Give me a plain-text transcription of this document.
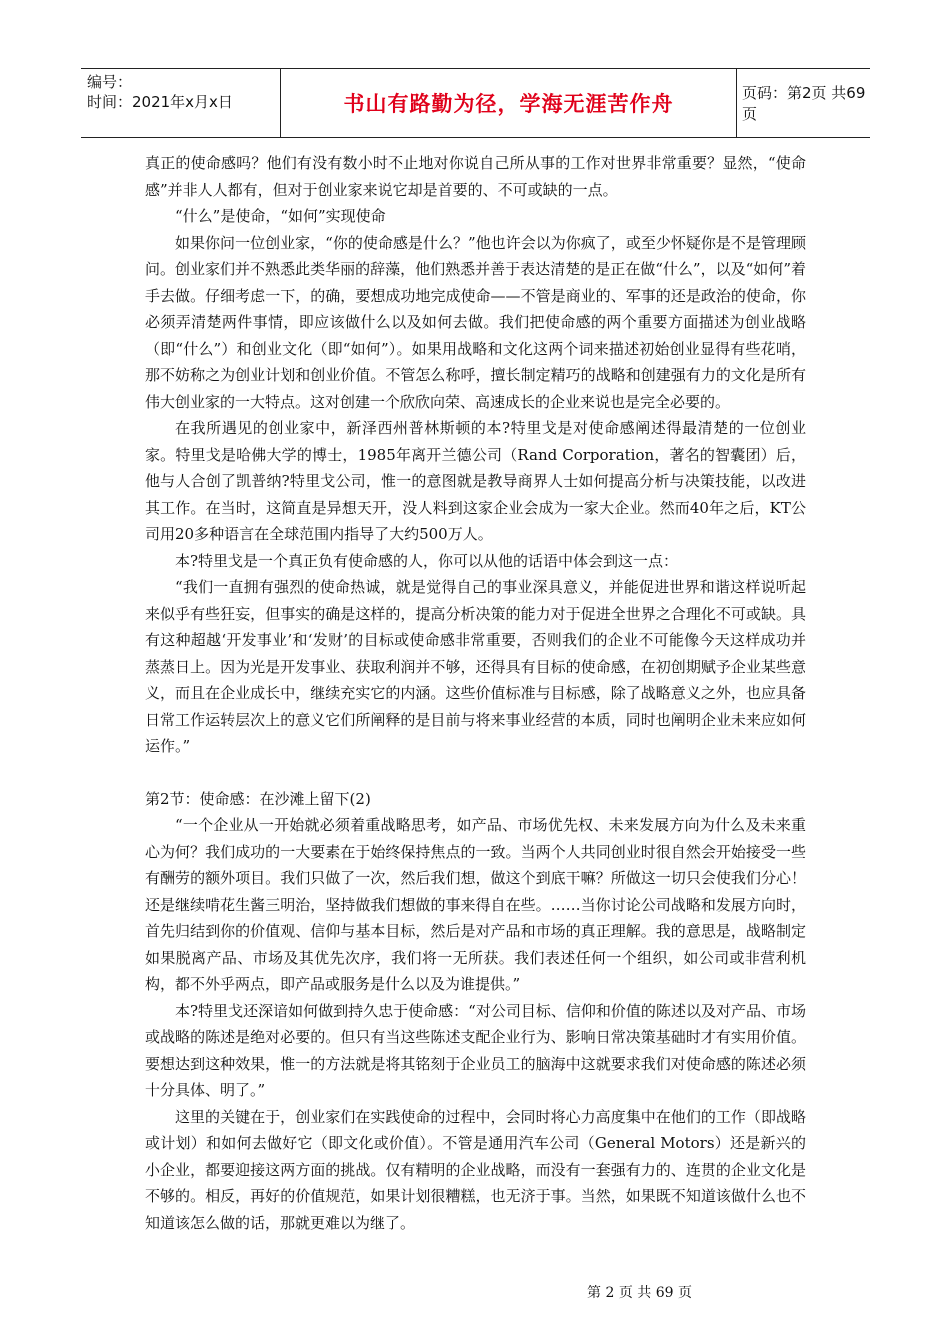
编号：
时间：2021年x月x日	书山有路勤为径，学海无涯苦作舟	页码：第2页 共69页

真正的使命感吗？他们有没有数小时不止地对你说自己所从事的工作对世界非常重要？显然，“使命感”并非人人都有，但对于创业家来说它却是首要的、不可或缺的一点。

“什么”是使命，“如何”实现使命

如果你问一位创业家，“你的使命感是什么？”他也许会以为你疯了，或至少怀疑你是不是管理顾问。创业家们并不熟悉此类华丽的辞藻，他们熟悉并善于表达清楚的是正在做“什么”，以及“如何”着手去做。仔细考虑一下，的确，要想成功地完成使命——不管是商业的、军事的还是政治的使命，你必须弄清楚两件事情，即应该做什么以及如何去做。我们把使命感的两个重要方面描述为创业战略（即“什么”）和创业文化（即“如何”）。如果用战略和文化这两个词来描述初始创业显得有些花哨，那不妨称之为创业计划和创业价值。不管怎么称呼，擅长制定精巧的战略和创建强有力的文化是所有伟大创业家的一大特点。这对创建一个欣欣向荣、高速成长的企业来说也是完全必要的。

在我所遇见的创业家中，新泽西州普林斯顿的本?特里戈是对使命感阐述得最清楚的一位创业家。特里戈是哈佛大学的博士，1985年离开兰德公司（Rand Corporation，著名的智囊团）后，他与人合创了凯普纳?特里戈公司，惟一的意图就是教导商界人士如何提高分析与决策技能，以改进其工作。在当时，这简直是异想天开，没人料到这家企业会成为一家大企业。然而40年之后，KT公司用20多种语言在全球范围内指导了大约500万人。

本?特里戈是一个真正负有使命感的人，你可以从他的话语中体会到这一点：

“我们一直拥有强烈的使命热诚，就是觉得自己的事业深具意义，并能促进世界和谐这样说听起来似乎有些狂妄，但事实的确是这样的，提高分析决策的能力对于促进全世界之合理化不可或缺。具有这种超越‘开发事业’和‘发财’的目标或使命感非常重要，否则我们的企业不可能像今天这样成功并蒸蒸日上。因为光是开发事业、获取利润并不够，还得具有目标的使命感，在初创期赋予企业某些意义，而且在企业成长中，继续充实它的内涵。这些价值标准与目标感，除了战略意义之外，也应具备日常工作运转层次上的意义它们所阐释的是目前与将来事业经营的本质，同时也阐明企业未来应如何运作。”

第2节：使命感：在沙滩上留下(2)

“一个企业从一开始就必须着重战略思考，如产品、市场优先权、未来发展方向为什么及未来重心为何？我们成功的一大要素在于始终保持焦点的一致。当两个人共同创业时很自然会开始接受一些有酬劳的额外项目。我们只做了一次，然后我们想，做这个到底干嘛？所做这一切只会使我们分心！还是继续啃花生酱三明治，坚持做我们想做的事来得自在些。……当你讨论公司战略和发展方向时，首先归结到你的价值观、信仰与基本目标，然后是对产品和市场的真正理解。我的意思是，战略制定如果脱离产品、市场及其优先次序，我们将一无所获。我们表述任何一个组织，如公司或非营利机构，都不外乎两点，即产品或服务是什么以及为谁提供。”

本?特里戈还深谙如何做到持久忠于使命感：“对公司目标、信仰和价值的陈述以及对产品、市场或战略的陈述是绝对必要的。但只有当这些陈述支配企业行为、影响日常决策基础时才有实用价值。要想达到这种效果，惟一的方法就是将其铭刻于企业员工的脑海中这就要求我们对使命感的陈述必须十分具体、明了。”

这里的关键在于，创业家们在实践使命的过程中，会同时将心力高度集中在他们的工作（即战略或计划）和如何去做好它（即文化或价值）。不管是通用汽车公司（General Motors）还是新兴的小企业，都要迎接这两方面的挑战。仅有精明的企业战略，而没有一套强有力的、连贯的企业文化是不够的。相反，再好的价值规范，如果计划很糟糕，也无济于事。当然，如果既不知道该做什么也不知道该怎么做的话，那就更难以为继了。

第 2 页 共 69 页
